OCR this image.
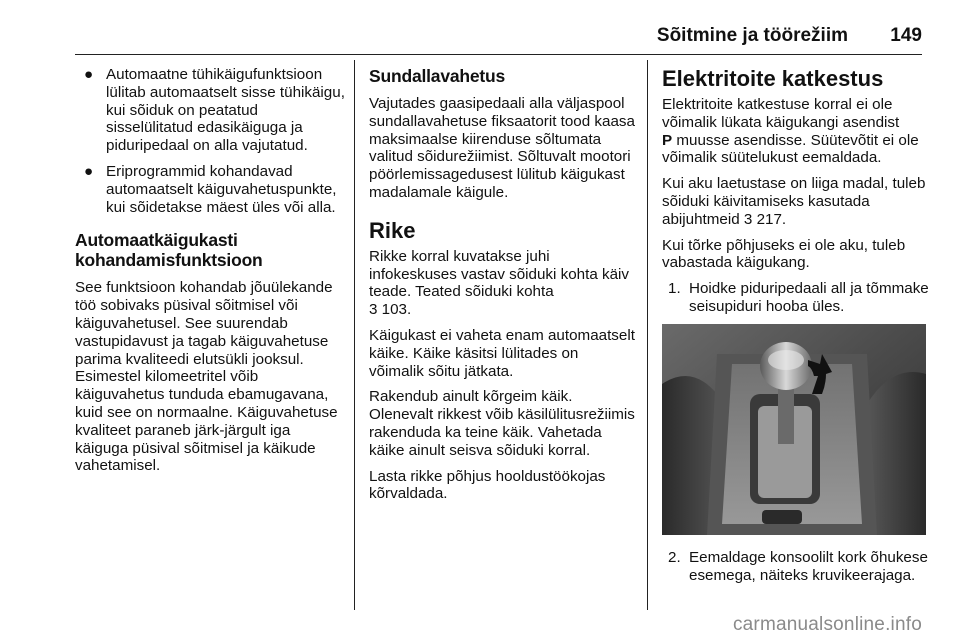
Sõitmine ja töörežiim 149
● Automaatne tühikäigufunktsioon lülitab automaatselt sisse tühikäigu, kui sõiduk on peatatud sisselülitatud edasikäiguga ja piduripedaal on alla vajutatud.
● Eriprogrammid kohandavad automaatselt käiguvahetuspunkte, kui sõidetakse mäest üles või alla.
Automaatkäigukasti kohandamisfunktsioon

See funktsioon kohandab jõuülekande töö sobivaks püsival sõitmisel või käiguvahetusel. See suurendab vastupidavust ja tagab käiguvahetuse parima kvaliteedi elutsükli jooksul. Esimestel kilomeetritel võib käiguvahetus tunduda ebamugavana, kuid see on normaalne. Käiguvahetuse kvaliteet paraneb järk-järgult iga käiguga püsival sõitmisel ja käikude vahetamisel.

Sundallavahetus

Vajutades gaasipedaali alla väljaspool sundallavahetuse fiksaatorit tood kaasa maksimaalse kiirenduse sõltumata valitud sõidurežiimist. Sõltuvalt mootori pöörlemissagedusest lülitub käigukast madalamale käigule.

Rike

Rikke korral kuvatakse juhi infokeskuses vastav sõiduki kohta käiv teade. Teated sõiduki kohta
3 103.

Käigukast ei vaheta enam automaatselt käike. Käike käsitsi lülitades on võimalik sõitu jätkata.

Rakendub ainult kõrgeim käik. Olenevalt rikkest võib käsilülitusrežiimis rakenduda ka teine käik. Vahetada käike ainult seisva sõiduki korral.

Lasta rikke põhjus hooldustöökojas kõrvaldada.

Elektritoite katkestus

Elektritoite katkestuse korral ei ole võimalik lükata käigukangi asendist
P muusse asendisse. Süütevõtit ei ole võimalik süütelukust eemaldada.

Kui aku laetustase on liiga madal, tuleb sõiduki käivitamiseks kasutada abijuhtmeid 3 217.

Kui tõrke põhjuseks ei ole aku, tuleb vabastada käigukang.

1. Hoidke piduripedaali all ja tõmmake seisupiduri hooba üles.
2. Eemaldage konsoolilt kork õhukese esemega, näiteks kruvikeerajaga.
carmanualsonline.info
